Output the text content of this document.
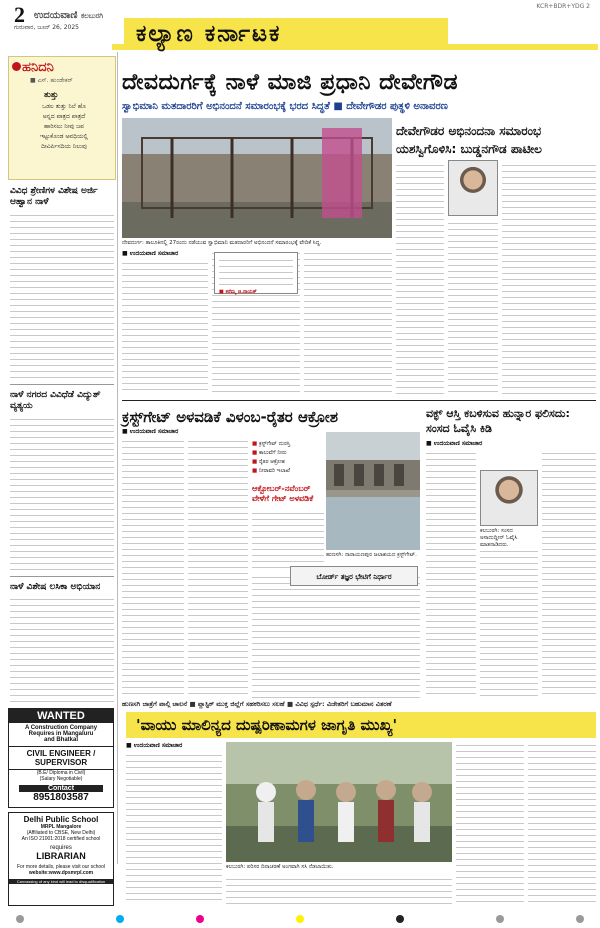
2 ಉದಯವಾಣಿ ಕಲಬುರಗಿ
ಗುರುವಾರ, ಜೂನ್ 26, 2025
KCR+BDR+YDG 2
ಕಲ್ಯಾಣ ಕರ್ನಾಟಕ
ಹನಿದನಿ
■ ಎಸ್. ಹುಂಡೇಕರ್
ತುತ್ತು
ಒಡಲ ತುತ್ತು ನಿಲೆ ಹೊ
ಅನ್ನದ ಪಾತ್ರದ ಪಾತ್ರದೆ
ಹಾರಿಸಲು ನೀವು ಜಪ
ಇಟ್ಟುಕೊಂಡ ಅವಧಿಯಲ್ಲಿ
ದೀವಿರ್ಪಿಸದಿಯ ನಿಲುವು
ವಿವಿಧ ಶ್ರೇಣಿಗಳ ವಿಶೇಷ ಅರ್ಜಿ ಆಹ್ವಾನ ನಾಳೆ
ನಾಳೆ ನಗರದ ವಿವಿಧೆಡೆ ವಿದ್ಯುತ್ ವ್ಯತ್ಯಯ
ನಾಳೆ ವಿಶೇಷ ಲಸಿಕಾ ಅಭಿಯಾನ
WANTED
A Construction Company
Requires in Mangaluru
and Bhatkal
CIVIL ENGINEER / SUPERVISOR
(B.E/ Diploma in Civil)
(Salary Negotiable)
Contact
8951803587
Delhi Public School
MRPL Mangalore
(Affiliated to CBSE, New Delhi)
An ISO 21001:2018 certified school
requires
LIBRARIAN
For more details, please visit our school
website:www.dpsmrpl.com
Canvassing of any kind will lead to disqualification
ದೇವದುರ್ಗಕ್ಕೆ ನಾಳೆ ಮಾಜಿ ಪ್ರಧಾನಿ ದೇವೇಗೌಡ
ಸ್ವಾಭಿಮಾನಿ ಮತದಾರರಿಗೆ ಅಭಿನಂದನೆ ಸಮಾರಂಭಕ್ಕೆ ಭರದ ಸಿದ್ಧತೆ ■ ದೇವೇಗೌಡರ ಪುತ್ಥಳಿ ಅನಾವರಣ
ದೇವದುರ್ಗ: ತಾಲೂಕಿನಲ್ಲಿ 27ರಂದು ನಡೆಯುವ ಸ್ವಾಭಿಮಾನಿ ಮತದಾರರಿಗೆ ಅಭಿನಂದನೆ ಸಮಾರಂಭಕ್ಕೆ ವೇದಿಕೆ ಸಿದ್ಧ.
■ ಉದಯವಾಣಿ ಸಮಾಚಾರ
■ ಕರೆಮ್ಮ ಜಿ.ನಾಯಕ್
ದೇವೇಗೌಡರ ಅಭಿನಂದನಾ ಸಮಾರಂಭ
ಯಶಸ್ವಿಗೊಳಿಸಿ: ಬುಡ್ಡನಗೌಡ ಪಾಟೀಲ
ಕ್ರಸ್ಟ್‌ಗೇಟ್ ಅಳವಡಿಕೆ ವಿಳಂಬ-ರೈತರ ಆಕ್ರೋಶ
■ ಉದಯವಾಣಿ ಸಮಾಚಾರ
■ ಕ್ರಸ್ಟ್‌ಗೇಟ್ ದುರಸ್ತಿ
■ ಕಾಲುವೆಗೆ ನೀರು
■ ರೈತರ ಆಕ್ರೋಶ
■ ನೀರಾವರಿ ಇಲಾಖೆ
ಹುಣಸಗಿ: ನಾರಾಯಣಪುರ ಜಲಾಶಯದ ಕ್ರಸ್ಟ್‌ಗೇಟ್.
ಆಕ್ಟೋಬರ್-ನವೆಂಬರ್ ವೇಳೆಗೆ ಗೇಟ್ ಅಳವಡಿಕೆ
ಬೋರ್ಡ್ ತಜ್ಞರ ಭೇಟಿಗೆ ನಿರ್ಧಾರ
ವಕ್ಫ್ ಆಸ್ತಿ ಕಬಳಿಸುವ ಹುನ್ನಾರ ಫಲಿಸದು: ಸಂಸದ ಓವೈಸಿ ಕಿಡಿ
■ ಉದಯವಾಣಿ ಸಮಾಚಾರ
ಕಲಬುರಗಿ: ಸಂಸದ ಅಸಾದುದ್ದೀನ್ ಓವೈಸಿ ಮಾತನಾಡಿದರು.
ಹುಣಸಗಿ ಜಾತ್ರೆಗೆ ಪಾಲ್ಗಿ ಚಾಲನೆ ■ ಪ್ಲಾಸ್ಟಿಕ್ ಮುಕ್ತ ಜಿಲ್ಲೆಗೆ ಸಹಕರಿಸಲು ಸಲಹೆ ■ ವಿವಿಧ ಸ್ಪರ್ಧೆ: ವಿಜೇತರಿಗೆ ಬಹುಮಾನ ವಿತರಣೆ
'ವಾಯು ಮಾಲಿನ್ಯದ ದುಷ್ಪರಿಣಾಮಗಳ ಜಾಗೃತಿ ಮುಖ್ಯ'
■ ಉದಯವಾಣಿ ಸಮಾಚಾರ
ಕಲಬುರಗಿ: ಪರಿಸರ ದಿನಾಚರಣೆ ಅಂಗವಾಗಿ ಸಸಿ ನೆಡಲಾಯಿತು.
